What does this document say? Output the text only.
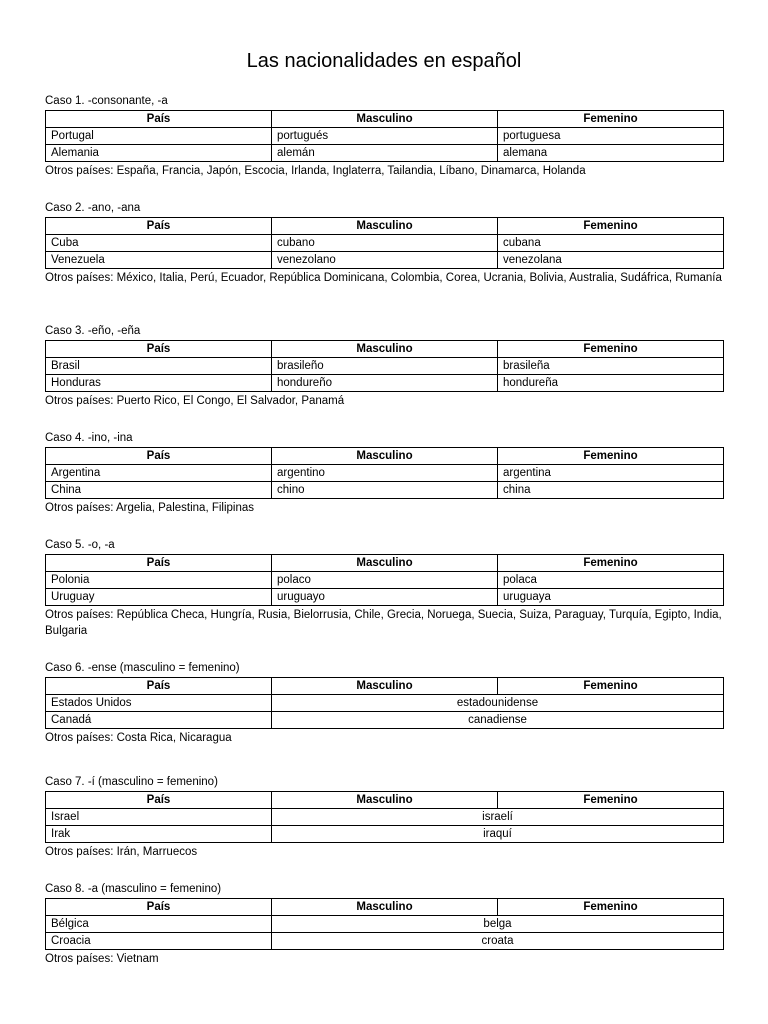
Las nacionalidades en español
Caso 1. -consonante, -a
País	Masculino	Femenino
Portugal	portugués	portuguesa
Alemania	alemán	alemana
Otros países: España, Francia, Japón, Escocia, Irlanda, Inglaterra, Tailandia, Líbano, Dinamarca, Holanda
Caso 2. -ano, -ana
País	Masculino	Femenino
Cuba	cubano	cubana
Venezuela	venezolano	venezolana
Otros países: México, Italia, Perú, Ecuador, República Dominicana, Colombia, Corea, Ucrania, Bolivia, Australia, Sudáfrica, Rumanía
Caso 3. -eño, -eña
País	Masculino	Femenino
Brasil	brasileño	brasileña
Honduras	hondureño	hondureña
Otros países: Puerto Rico, El Congo, El Salvador, Panamá
Caso 4. -ino, -ina
País	Masculino	Femenino
Argentina	argentino	argentina
China	chino	china
Otros países: Argelia, Palestina, Filipinas
Caso 5. -o, -a
País	Masculino	Femenino
Polonia	polaco	polaca
Uruguay	uruguayo	uruguaya
Otros países: República Checa, Hungría, Rusia, Bielorrusia, Chile, Grecia, Noruega, Suecia, Suiza, Paraguay, Turquía, Egipto, India, Bulgaria
Caso 6. -ense (masculino = femenino)
País	Masculino	Femenino
Estados Unidos	estadounidense	
Canadá	canadiense	
Otros países: Costa Rica, Nicaragua
Caso 7. -í (masculino = femenino)
País	Masculino	Femenino
Israel	israelí	
Irak	iraquí	
Otros países: Irán, Marruecos
Caso 8. -a (masculino = femenino)
País	Masculino	Femenino
Bélgica	belga	
Croacia	croata	
Otros países: Vietnam
